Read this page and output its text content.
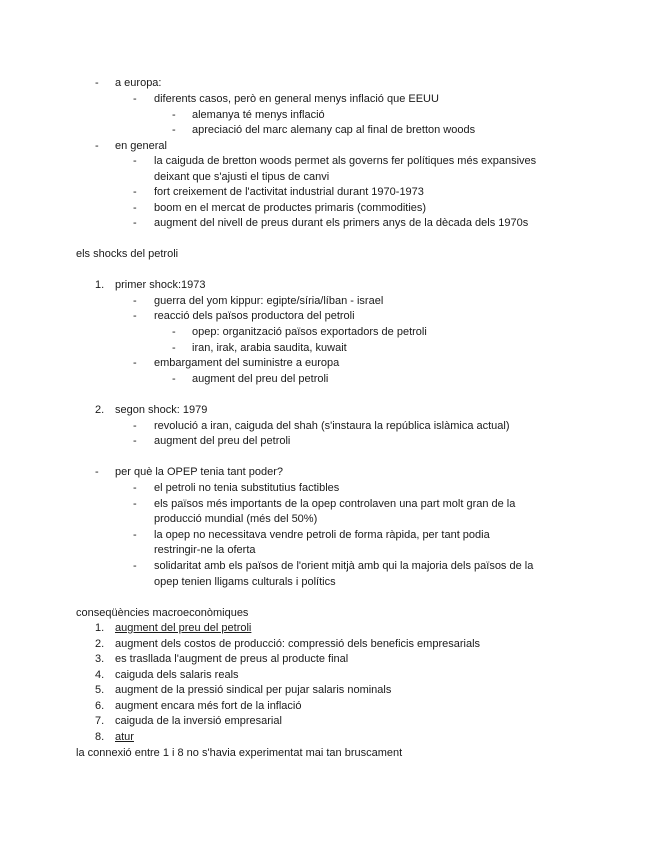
- a europa:
- diferents casos, però en general menys inflació que EEUU
- alemanya té menys inflació
- apreciació del marc alemany cap al final de bretton woods
- en general
- la caiguda de bretton woods permet als governs fer polítiques més expansives
deixant que s'ajusti el tipus de canvi
- fort creixement de l'activitat industrial durant 1970-1973
- boom en el mercat de productes primaris (commodities)
- augment del nivell de preus durant els primers anys de la dècada dels 1970s
els shocks del petroli
1. primer shock:1973
- guerra del yom kippur: egipte/síria/líban - israel
- reacció dels països productora del petroli
- opep: organització països exportadors de petroli
- iran, irak, arabia saudita, kuwait
- embargament del suministre a europa
- augment del preu del petroli
2. segon shock: 1979
- revolució a iran, caiguda del shah (s'instaura la república islàmica actual)
- augment del preu del petroli
- per què la OPEP tenia tant poder?
- el petroli no tenia substitutius factibles
- els països més importants de la opep controlaven una part molt gran de la
producció mundial (més del 50%)
- la opep no necessitava vendre petroli de forma ràpida, per tant podia
restringir-ne la oferta
- solidaritat amb els països de l'orient mitjà amb qui la majoria dels països de la
opep tenien lligams culturals i polítics
conseqüències macroeconòmiques
1. augment del preu del petroli
2. augment dels costos de producció: compressió dels beneficis empresarials
3. es trasllada l'augment de preus al producte final
4. caiguda dels salaris reals
5. augment de la pressió sindical per pujar salaris nominals
6. augment encara més fort de la inflació
7. caiguda de la inversió empresarial
8. atur
la connexió entre 1 i 8 no s'havia experimentat mai tan bruscament
